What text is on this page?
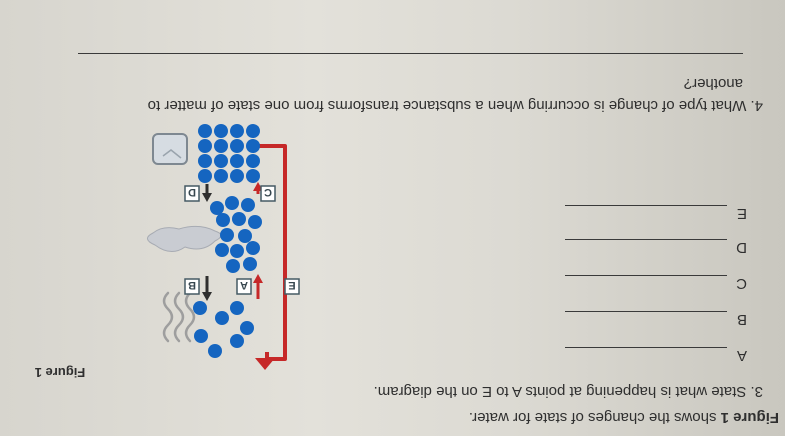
Figure 1 shows the changes of state for water.
3. State what is happening at points A to E on the diagram.
A
B
C
D
E
Figure 1
A
B
C
D
E
4. What type of change is occurring when a substance transforms from one state of matter to
another?
